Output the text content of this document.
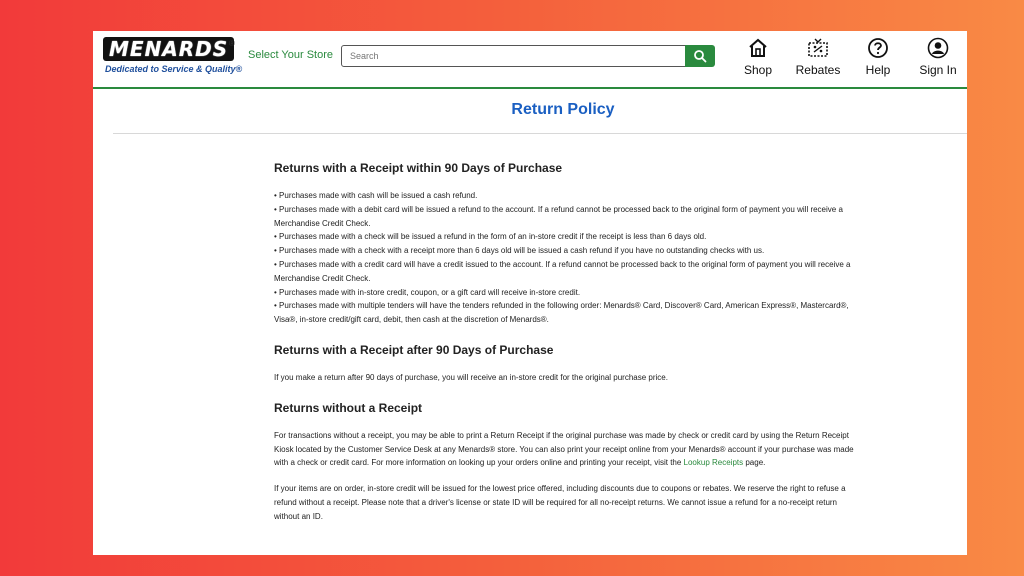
MENARDS ®
Dedicated to Service & Quality®
Select Your Store
Search
Shop	Rebates	Help	Sign In
Return Policy
Returns with a Receipt within 90 Days of Purchase
• Purchases made with cash will be issued a cash refund.
• Purchases made with a debit card will be issued a refund to the account. If a refund cannot be processed back to the original form of payment you will receive a Merchandise Credit Check.
• Purchases made with a check will be issued a refund in the form of an in-store credit if the receipt is less than 6 days old.
• Purchases made with a check with a receipt more than 6 days old will be issued a cash refund if you have no outstanding checks with us.
• Purchases made with a credit card will have a credit issued to the account. If a refund cannot be processed back to the original form of payment you will receive a Merchandise Credit Check.
• Purchases made with in-store credit, coupon, or a gift card will receive in-store credit.
• Purchases made with multiple tenders will have the tenders refunded in the following order: Menards® Card, Discover® Card, American Express®, Mastercard®, Visa®, in-store credit/gift card, debit, then cash at the discretion of Menards®.
Returns with a Receipt after 90 Days of Purchase

If you make a return after 90 days of purchase, you will receive an in-store credit for the original purchase price.

Returns without a Receipt

For transactions without a receipt, you may be able to print a Return Receipt if the original purchase was made by check or credit card by using the Return Receipt Kiosk located by the Customer Service Desk at any Menards® store. You can also print your receipt online from your Menards® account if your purchase was made with a check or credit card. For more information on looking up your orders online and printing your receipt, visit the Lookup Receipts page.

If your items are on order, in-store credit will be issued for the lowest price offered, including discounts due to coupons or rebates. We reserve the right to refuse a refund without a receipt. Please note that a driver's license or state ID will be required for all no-receipt returns. We cannot issue a refund for a no-receipt return without an ID.
